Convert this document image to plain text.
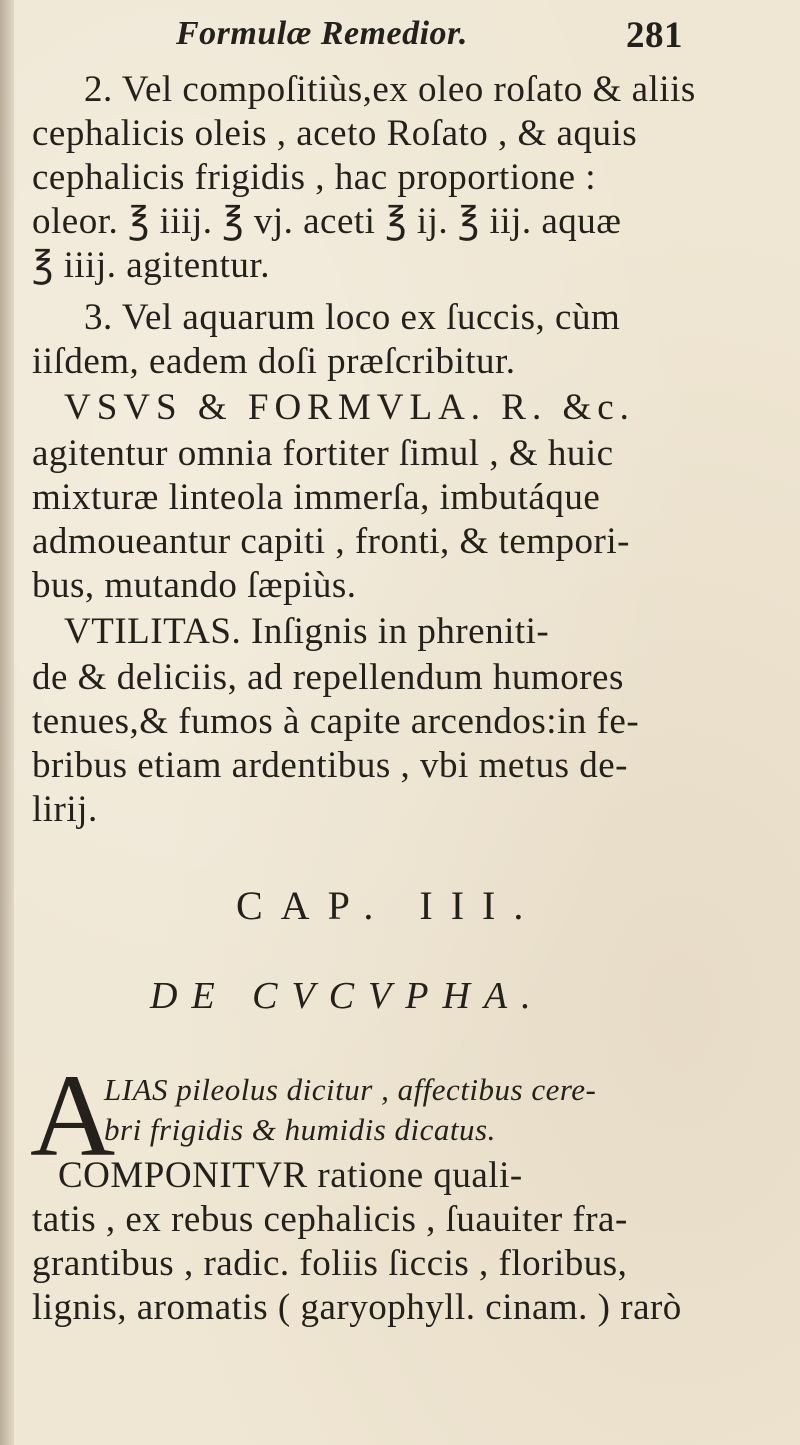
Formulæ Remedior.	281
2. Vel compoſitiùs,ex oleo roſato & aliis
cephalicis oleis , aceto Roſato , & aquis
cephalicis frigidis , hac proportione :
oleor. ℥ iiij. ℥ vj. aceti ℥ ij. ℥ iij. aquæ
℥ iiij. agitentur.
3. Vel aquarum loco ex ſuccis, cùm
iiſdem, eadem doſi præſcribitur.
VSVS & FORMVLA. R. &c.
agitentur omnia fortiter ſimul , & huic
mixturæ linteola immerſa, imbutáque
admoueantur capiti , fronti, & tempori-
bus, mutando ſæpiùs.
VTILITAS. Inſignis in phreniti-
de & deliciis, ad repellendum humores
tenues,& fumos à capite arcendos:in fe-
bribus etiam ardentibus , vbi metus de-
lirij.
CAP. III.
DE CVCVPHA.
A
LIAS pileolus dicitur , affectibus cere-
bri frigidis & humidis dicatus.
COMPONITVR ratione quali-
tatis , ex rebus cephalicis , ſuauiter fra-
grantibus , radic. foliis ſiccis , floribus,
lignis, aromatis ( garyophyll. cinam. ) rarò
